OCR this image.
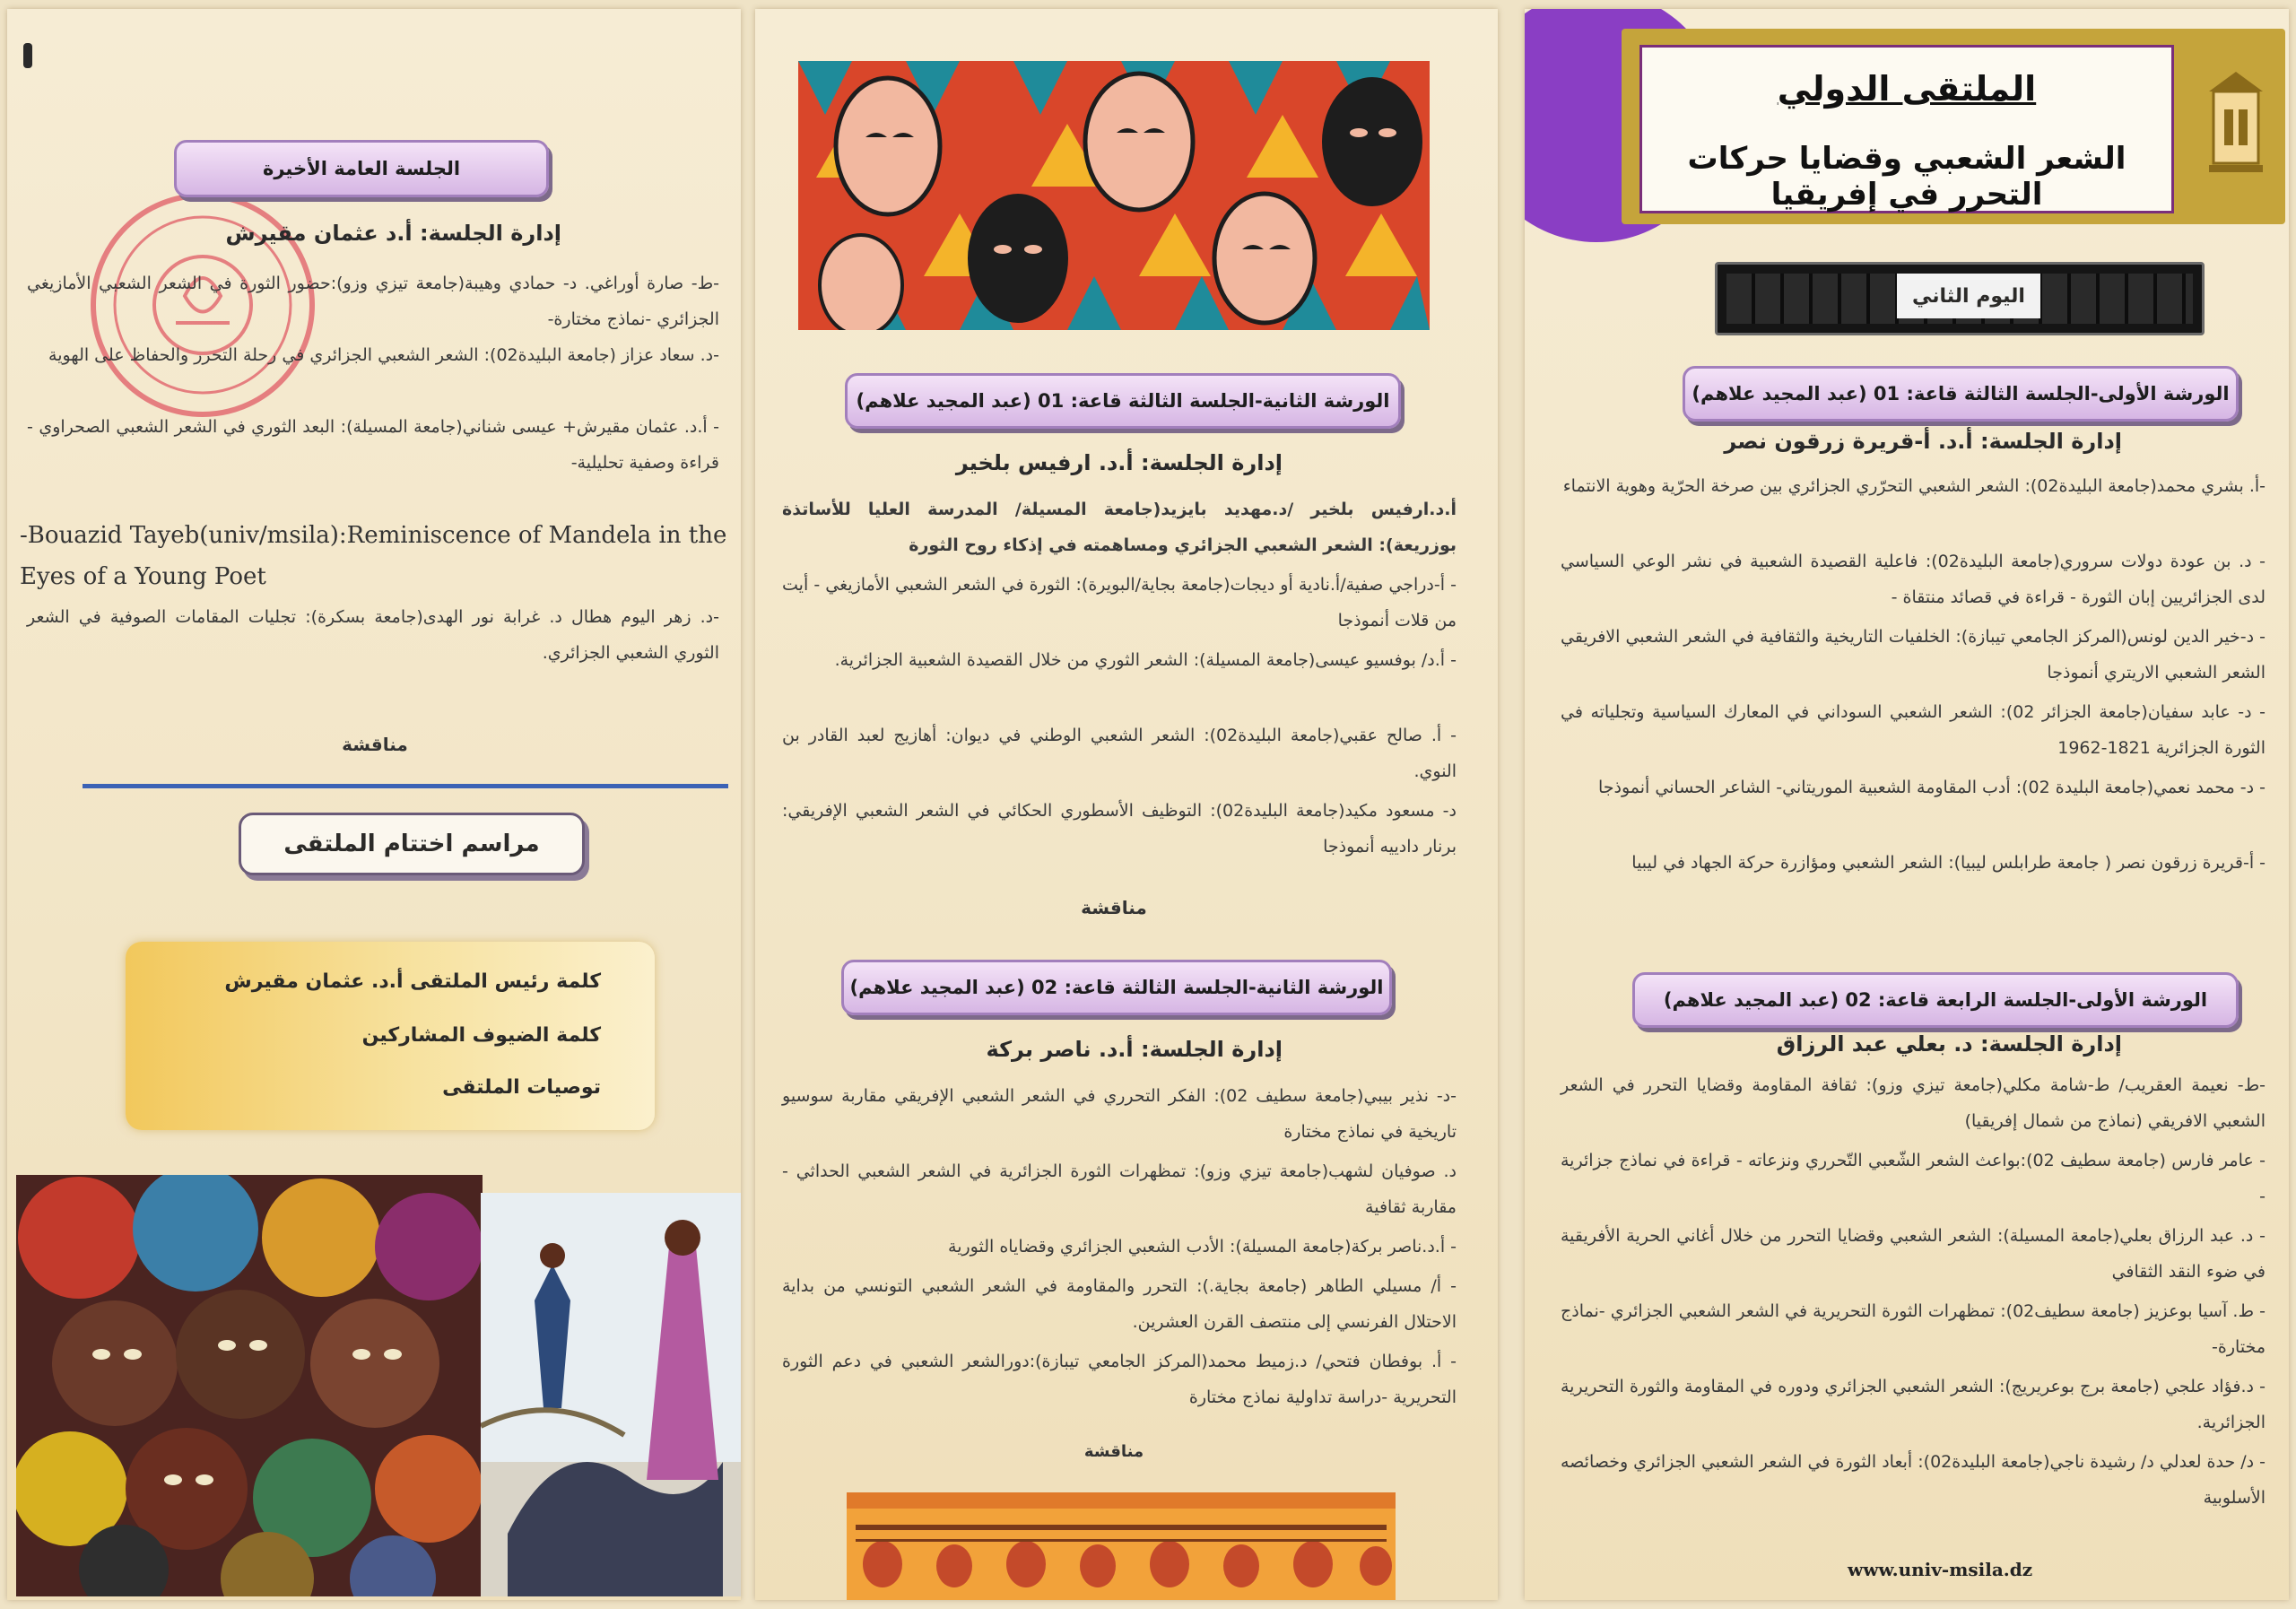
الجلسة العامة الأخيرة
إدارة الجلسة: أ.د عثمان مقيرش

-ط- صارة أوراغي. د- حمادي وهيبة(جامعة تيزي وزو):حضور الثورة في الشعر الشعبي الأمازيغي الجزائري -نماذج مختارة-

-د. سعاد عزاز (جامعة البليدة02): الشعر الشعبي الجزائري في رحلة التحرر والحفاظ على الهوية

- أ.د. عثمان مقيرش+ عيسى شناني(جامعة المسيلة): البعد الثوري في الشعر الشعبي الصحراوي - قراءة وصفية تحليلية-

-Bouazid Tayeb(univ/msila):Reminiscence of Mandela in the Eyes of a Young Poet
-د. زهر اليوم هطال د. غرابة نور الهدى(جامعة بسكرة): تجليات المقامات الصوفية في الشعر الثوري الشعبي الجزائري.
مناقشة
مراسم اختتام الملتقى
كلمة رئيس الملتقى أ.د. عثمان مقيرش
كلمة الضيوف المشاركين
توصيات الملتقى
الورشة الثانية-الجلسة الثالثة قاعة: 01 (عبد المجيد علاهم)
إدارة الجلسة: أ.د. ارفيس بلخير

أ.د.ارفيس بلخير /د.مهديد بايزيد(جامعة المسيلة/ المدرسة العليا للأساتذة بوزريعة): الشعر الشعبي الجزائري ومساهمته في إذكاء روح الثورة

- أ-دراجي صفية/أ.نادية أو ديجات(جامعة بجاية/البويرة): الثورة في الشعر الشعبي الأمازيغي - أيت من قلات أنموذجا

- أ.د/ بوفسيو عيسى(جامعة المسيلة): الشعر الثوري من خلال القصيدة الشعبية الجزائرية.

- أ. صالح عقبي(جامعة البليدة02): الشعر الشعبي الوطني في ديوان: أهازيج لعبد القادر بن النوي.

د- مسعود مكيد(جامعة البليدة02): التوظيف الأسطوري الحكائي في الشعر الشعبي الإفريقي: برنار دادييه أنموذجا

مناقشة
الورشة الثانية-الجلسة الثالثة قاعة: 02 (عبد المجيد علاهم)
إدارة الجلسة: أ.د. ناصر بركة

-د- نذير بيبي(جامعة سطيف 02): الفكر التحرري في الشعر الشعبي الإفريقي مقاربة سوسيو تاريخية في نماذج مختارة

د. صوفيان لشهب(جامعة تيزي وزو): تمظهرات الثورة الجزائرية في الشعر الشعبي الحداثي - مقاربة ثقافية

- أ.د.ناصر بركة(جامعة المسيلة): الأدب الشعبي الجزائري وقضاياه الثورية

- أ/ مسيلي الطاهر (جامعة بجاية.): التحرر والمقاومة في الشعر الشعبي التونسي من بداية الاحتلال الفرنسي إلى منتصف القرن العشرين.

- أ. بوفطان فتحي/ د.زميط محمد(المركز الجامعي تيبازة):دورالشعر الشعبي في دعم الثورة التحريرية -دراسة تداولية نماذج مختارة

مناقشة
الملتقى الدولي
الشعر الشعبي وقضايا حركات التحرر في إفريقيا
اليوم الثاني
الورشة الأولى-الجلسة الثالثة قاعة: 01 (عبد المجيد علاهم)
إدارة الجلسة: أ.د. أ-قريرة زرقون نصر

-أ. بشري محمد(جامعة البليدة02): الشعر الشعبي التحرّري الجزائري بين صرخة الحرّية وهوية الانتماء

- د. بن عودة دولات سروري(جامعة البليدة02): فاعلية القصيدة الشعبية في نشر الوعي السياسي لدى الجزائريين إبان الثورة - قراءة في قصائد منتقاة -

- د-خير الدين لونس(المركز الجامعي تيبازة): الخلفيات التاريخية والثقافية في الشعر الشعبي الافريقي الشعر الشعبي الاريتري أنموذجا

- د- عابد سفيان(جامعة الجزائر 02): الشعر الشعبي السوداني في المعارك السياسية وتجلياته في الثورة الجزائرية 1821-1962

- د- محمد نعمي(جامعة البليدة 02): أدب المقاومة الشعبية الموريتاني- الشاعر الحساني أنموذجا

- أ-قريرة زرقون نصر ( جامعة طرابلس ليبيا): الشعر الشعبي ومؤازرة حركة الجهاد في ليبيا

الورشة الأولى-الجلسة الرابعة قاعة: 02 (عبد المجيد علاهم)
إدارة الجلسة: د. بعلي عبد الرزاق

-ط- نعيمة العقريب/ ط-شامة مكلي(جامعة تيزي وزو): ثقافة المقاومة وقضايا التحرر في الشعر الشعبي الافريقي (نماذج من شمال إفريقيا)

- عامر فارس (جامعة سطيف 02):بواعث الشعر الشّعبي التّحرري ونزعاته - قراءة في نماذج جزائرية -

- د. عبد الرزاق بعلي(جامعة المسيلة): الشعر الشعبي وقضايا التحرر من خلال أغاني الحرية الأفريقية في ضوء النقد الثقافي

- ط. آسيا بوعزيز (جامعة سطيف02): تمظهرات الثورة التحريرية في الشعر الشعبي الجزائري -نماذج مختارة-

- د.فؤاد علجي (جامعة برج بوعريريج): الشعر الشعبي الجزائري ودوره في المقاومة والثورة التحريرية الجزائرية.

- د/ حدة لعدلي د/ رشيدة ناجي(جامعة البليدة02): أبعاد الثورة في الشعر الشعبي الجزائري وخصائصه الأسلوبية

www.univ-msila.dz
